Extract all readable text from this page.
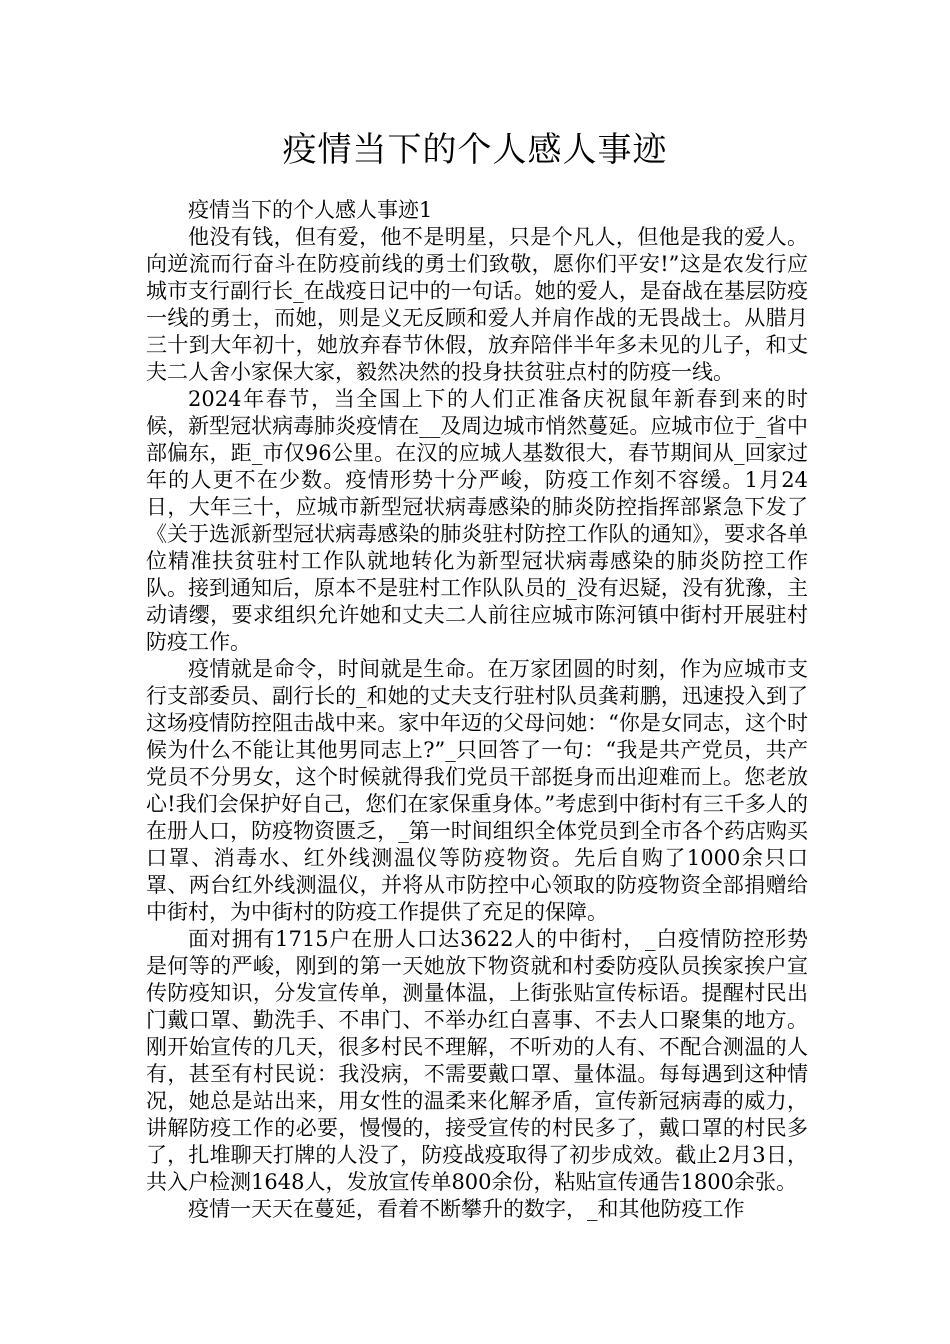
疫情当下的个人感人事迹

疫情当下的个人感人事迹1

他没有钱，但有爱，他不是明星，只是个凡人，但他是我的爱人。向逆流而行奋斗在防疫前线的勇士们致敬，愿你们平安!”这是农发行应城市支行副行长_在战疫日记中的一句话。她的爱人，是奋战在基层防疫一线的勇士，而她，则是义无反顾和爱人并肩作战的无畏战士。从腊月三十到大年初十，她放弃春节休假，放弃陪伴半年多未见的儿子，和丈夫二人舍小家保大家，毅然决然的投身扶贫驻点村的防疫一线。

2024年春节，当全国上下的人们正准备庆祝鼠年新春到来的时候，新型冠状病毒肺炎疫情在__及周边城市悄然蔓延。应城市位于_省中部偏东，距_市仅96公里。在汉的应城人基数很大，春节期间从_回家过年的人更不在少数。疫情形势十分严峻，防疫工作刻不容缓。1月24日，大年三十，应城市新型冠状病毒感染的肺炎防控指挥部紧急下发了《关于选派新型冠状病毒感染的肺炎驻村防控工作队的通知》，要求各单位精准扶贫驻村工作队就地转化为新型冠状病毒感染的肺炎防控工作队。接到通知后，原本不是驻村工作队队员的_没有迟疑，没有犹豫，主动请缨，要求组织允许她和丈夫二人前往应城市陈河镇中街村开展驻村防疫工作。

疫情就是命令，时间就是生命。在万家团圆的时刻，作为应城市支行支部委员、副行长的_和她的丈夫支行驻村队员龚莉鹏，迅速投入到了这场疫情防控阻击战中来。家中年迈的父母问她：“你是女同志，这个时候为什么不能让其他男同志上?”_只回答了一句：“我是共产党员，共产党员不分男女，这个时候就得我们党员干部挺身而出迎难而上。您老放心!我们会保护好自己，您们在家保重身体。”考虑到中街村有三千多人的在册人口，防疫物资匮乏，_第一时间组织全体党员到全市各个药店购买口罩、消毒水、红外线测温仪等防疫物资。先后自购了1000余只口罩、两台红外线测温仪，并将从市防控中心领取的防疫物资全部捐赠给中街村，为中街村的防疫工作提供了充足的保障。

面对拥有1715户在册人口达3622人的中街村，_白疫情防控形势是何等的严峻，刚到的第一天她放下物资就和村委防疫队员挨家挨户宣传防疫知识，分发宣传单，测量体温，上街张贴宣传标语。提醒村民出门戴口罩、勤洗手、不串门、不举办红白喜事、不去人口聚集的地方。刚开始宣传的几天，很多村民不理解，不听劝的人有、不配合测温的人有，甚至有村民说：我没病，不需要戴口罩、量体温。每每遇到这种情况，她总是站出来，用女性的温柔来化解矛盾，宣传新冠病毒的威力，讲解防疫工作的必要，慢慢的，接受宣传的村民多了，戴口罩的村民多了，扎堆聊天打牌的人没了，防疫战疫取得了初步成效。截止2月3日，共入户检测1648人，发放宣传单800余份，粘贴宣传通告1800余张。

疫情一天天在蔓延，看着不断攀升的数字，_和其他防疫工作
